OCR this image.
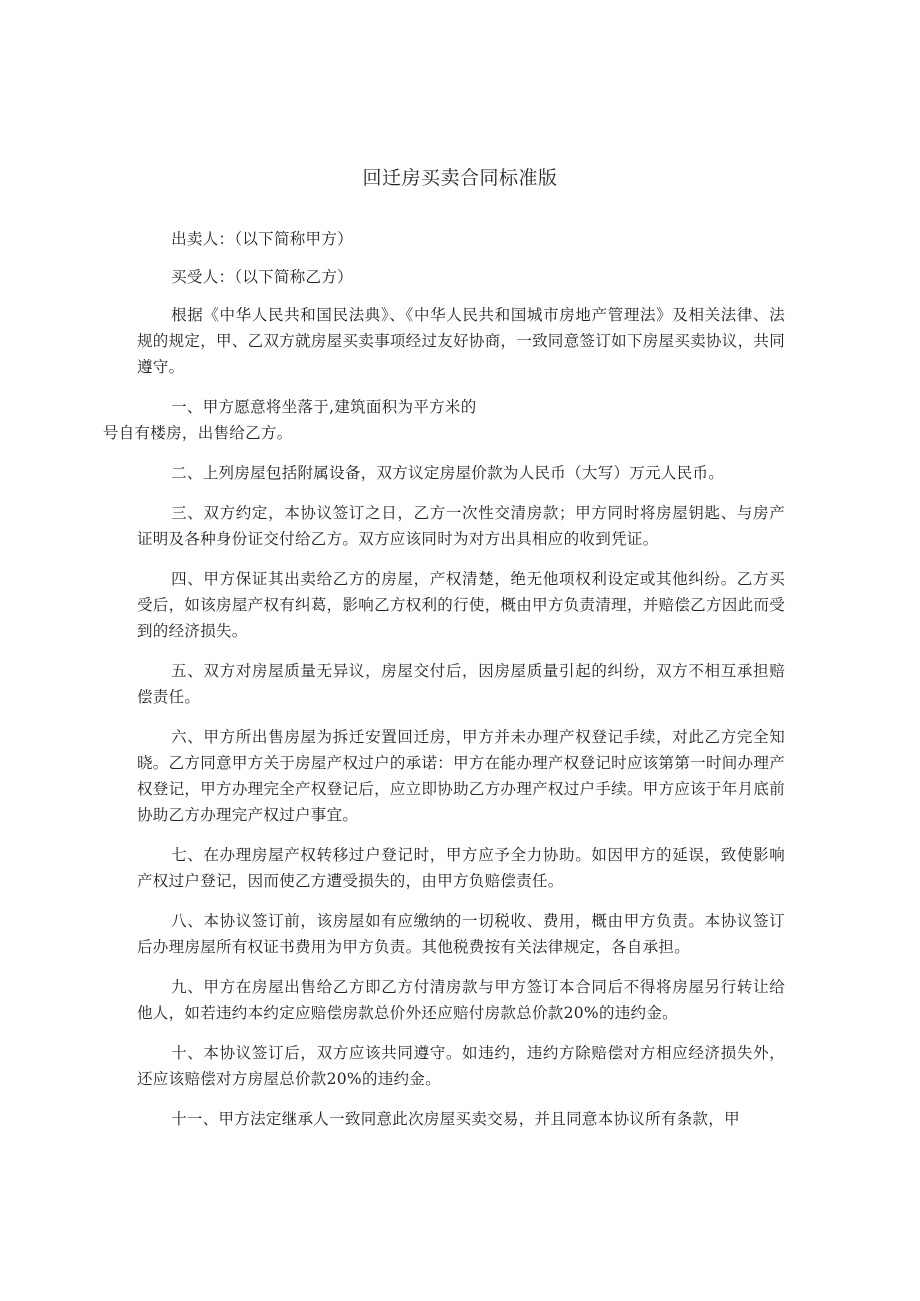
回迁房买卖合同标准版

出卖人：（以下简称甲方）

买受人：（以下简称乙方）

根据《中华人民共和国民法典》、《中华人民共和国城市房地产管理法》及相关法律、法规的规定，甲、乙双方就房屋买卖事项经过友好协商，一致同意签订如下房屋买卖协议，共同遵守。

一、甲方愿意将坐落于,建筑面积为平方米的
号自有楼房，出售给乙方。

二、上列房屋包括附属设备，双方议定房屋价款为人民币（大写）万元人民币。

三、双方约定，本协议签订之日，乙方一次性交清房款；甲方同时将房屋钥匙、与房产证明及各种身份证交付给乙方。双方应该同时为对方出具相应的收到凭证。

四、甲方保证其出卖给乙方的房屋，产权清楚，绝无他项权利设定或其他纠纷。乙方买受后，如该房屋产权有纠葛，影响乙方权利的行使，概由甲方负责清理，并赔偿乙方因此而受到的经济损失。

五、双方对房屋质量无异议，房屋交付后，因房屋质量引起的纠纷，双方不相互承担赔偿责任。

六、甲方所出售房屋为拆迁安置回迁房，甲方并未办理产权登记手续，对此乙方完全知晓。乙方同意甲方关于房屋产权过户的承诺：甲方在能办理产权登记时应该第第一时间办理产权登记，甲方办理完全产权登记后，应立即协助乙方办理产权过户手续。甲方应该于年月底前协助乙方办理完产权过户事宜。

七、在办理房屋产权转移过户登记时，甲方应予全力协助。如因甲方的延误，致使影响产权过户登记，因而使乙方遭受损失的，由甲方负赔偿责任。

八、本协议签订前，该房屋如有应缴纳的一切税收、费用，概由甲方负责。本协议签订后办理房屋所有权证书费用为甲方负责。其他税费按有关法律规定，各自承担。

九、甲方在房屋出售给乙方即乙方付清房款与甲方签订本合同后不得将房屋另行转让给他人，如若违约本约定应赔偿房款总价外还应赔付房款总价款20%的违约金。

十、本协议签订后，双方应该共同遵守。如违约，违约方除赔偿对方相应经济损失外，还应该赔偿对方房屋总价款20%的违约金。

十一、甲方法定继承人一致同意此次房屋买卖交易，并且同意本协议所有条款，甲
